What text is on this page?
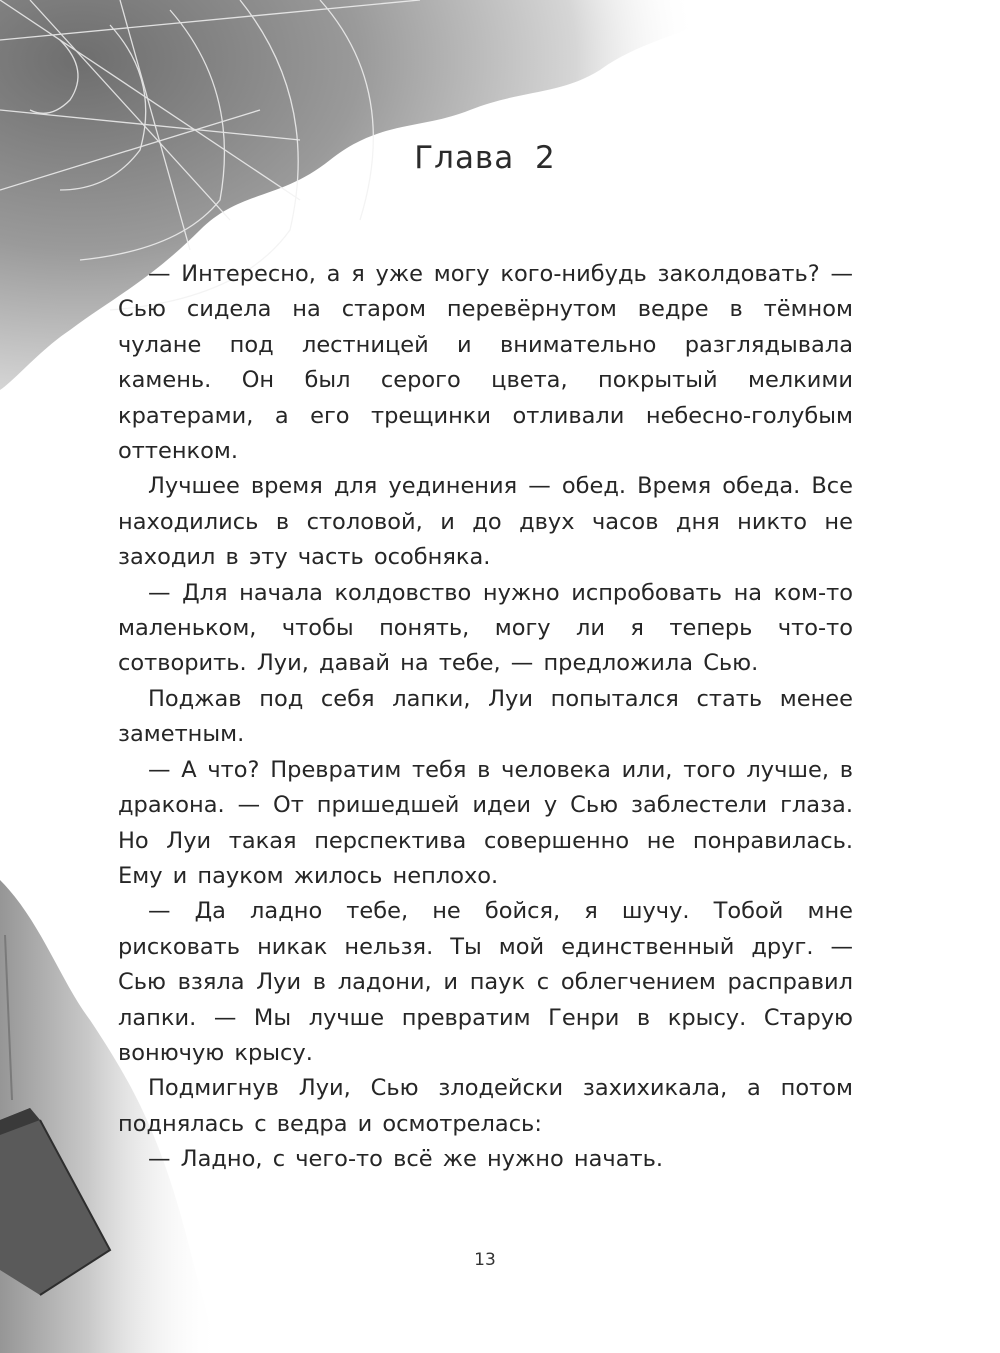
Глава 2

— Интересно, а я уже могу кого-нибудь заколдовать? — Сью сидела на старом перевёрнутом ведре в тёмном чулане под лестницей и внимательно разглядывала камень. Он был серого цвета, покрытый мелкими кратерами, а его трещинки отливали небесно-голубым оттенком.

Лучшее время для уединения — обед. Время обеда. Все находились в столовой, и до двух часов дня никто не заходил в эту часть особняка.

— Для начала колдовство нужно испробовать на ком-то маленьком, чтобы понять, могу ли я теперь что-то сотворить. Луи, давай на тебе, — предложила Сью.

Поджав под себя лапки, Луи попытался стать менее заметным.

— А что? Превратим тебя в человека или, того лучше, в дракона. — От пришедшей идеи у Сью заблестели глаза. Но Луи такая перспектива совершенно не понравилась. Ему и пауком жилось неплохо.

— Да ладно тебе, не бойся, я шучу. Тобой мне рисковать никак нельзя. Ты мой единственный друг. — Сью взяла Луи в ладони, и паук с облегчением расправил лапки. — Мы лучше превратим Генри в крысу. Старую вонючую крысу.

Подмигнув Луи, Сью злодейски захихикала, а потом поднялась с ведра и осмотрелась:

— Ладно, с чего-то всё же нужно начать.

13
